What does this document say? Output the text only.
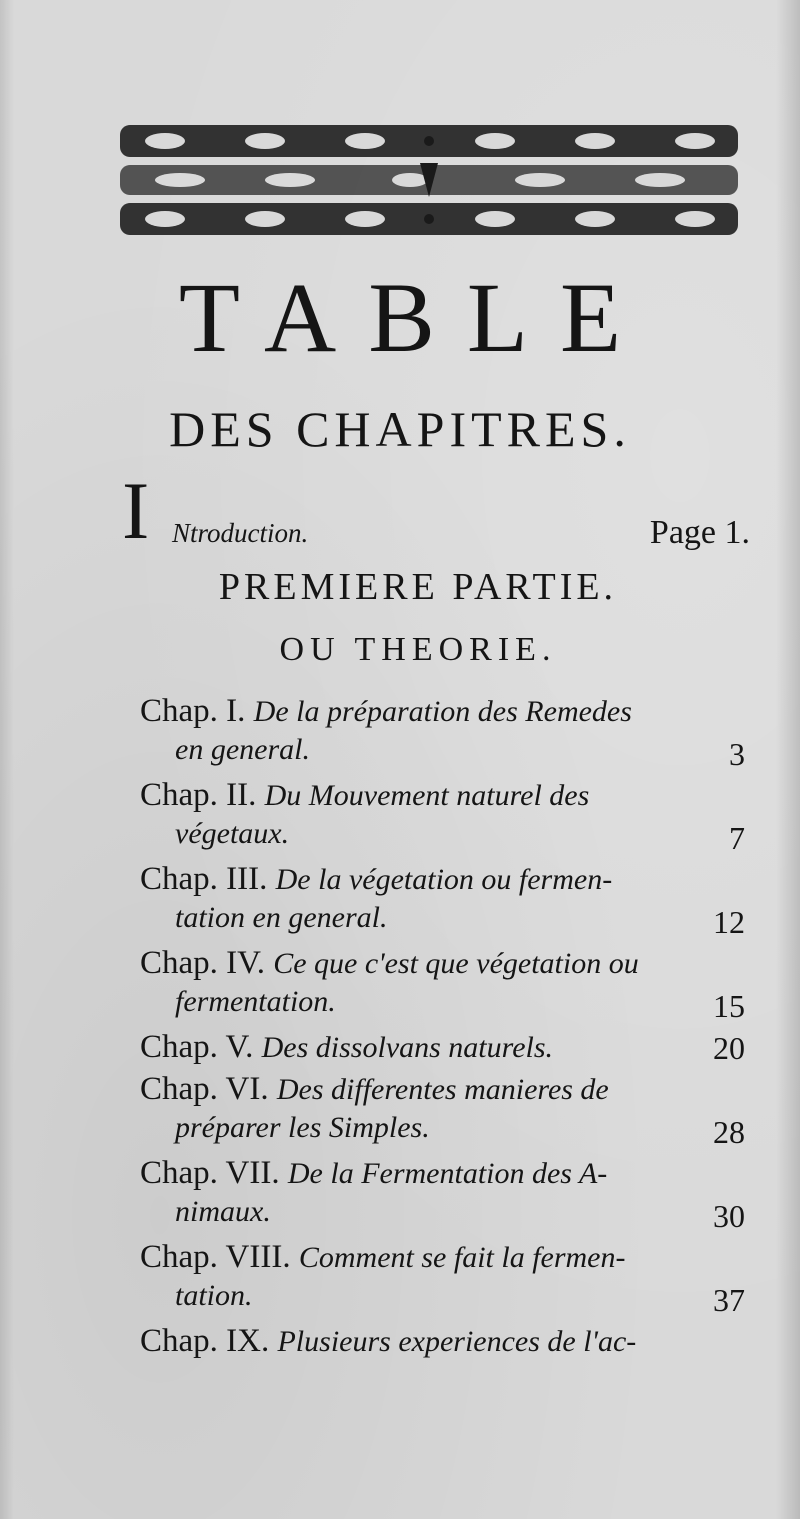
TABLE
DES CHAPITRES.
I Ntroduction.	Page 1.
PREMIERE PARTIE.
OU THEORIE.
Chap. I. De la préparation des Remedes
en general.	3
Chap. II. Du Mouvement naturel des
végetaux.	7
Chap. III. De la végetation ou fermen-
tation en general.	12
Chap. IV. Ce que c'est que végetation ou
fermentation.	15
Chap. V. Des dissolvans naturels.	20
Chap. VI. Des differentes manieres de
préparer les Simples.	28
Chap. VII. De la Fermentation des A-
nimaux.	30
Chap. VIII. Comment se fait la fermen-
tation.	37
Chap. IX. Plusieurs experiences de l'ac-
